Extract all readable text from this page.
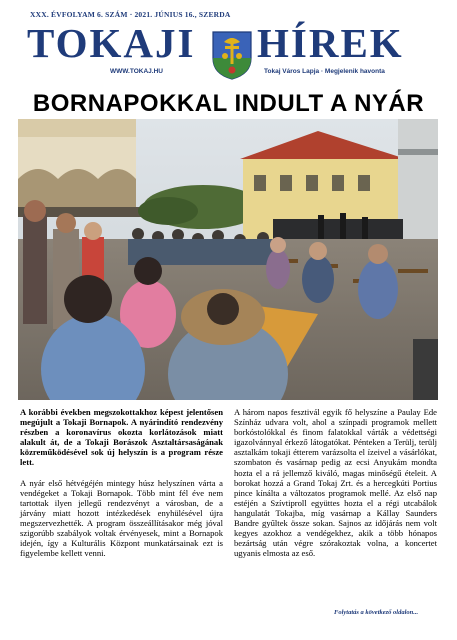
XXX. ÉVFOLYAM 6. SZÁM · 2021. JÚNIUS 16., SZERDA
TOKAJI HÍREK
WWW.TOKAJ.HU	Tokaj Város Lapja · Megjelenik havonta
BORNAPOKKAL INDULT A NYÁR

A korábbi években megszokottakhoz képest jelentősen megújult a Tokaji Bornapok. A nyárindító rendezvény részben a koronavírus okozta korlátozások miatt alakult át, de a Tokaji Borászok Asztaltársaságának közreműködésével sok új helyszín is a program része lett.

A nyár első hétvégéjén mintegy húsz helyszínen várta a vendégeket a Tokaji Bornapok. Több mint fél éve nem tartottak ilyen jellegű rendezvényt a városban, de a járvány miatt hozott intézkedések enyhülésével újra megszervezhették. A program összeállításakor még jóval szigorúbb szabályok voltak érvényesek, mint a Bornapok idején, így a Kulturális Központ munkatársainak ezt is figyelembe kellett venni.

A három napos fesztivál egyik fő helyszíne a Paulay Ede Színház udvara volt, ahol a színpadi programok mellett borkóstolókkal és finom falatokkal várták a védettségi igazolvánnyal érkező látogatókat. Pénteken a Terülj, terülj asztalkám tokaji étterem varázsolta el ízeivel a vásárlókat, szombaton és vasárnap pedig az ecsi Anyukám mondta hozta el a rá jellemző kiváló, magas minőségű ételeit. A borokat hozzá a Grand Tokaj Zrt. és a hercegkúti Portius pince kínálta a változatos programok mellé. Az első nap estéjén a Szívtiproll együttes hozta el a régi utcabálok hangulatát Tokajba, míg vasárnap a Kállay Saunders Bandre gyűltek össze sokan. Sajnos az időjárás nem volt kegyes azokhoz a vendégekhez, akik a több hónapos bezártság után végre szórakoztak volna, a koncertet ugyanis elmosta az eső.

Folytatás a következő oldalon...
